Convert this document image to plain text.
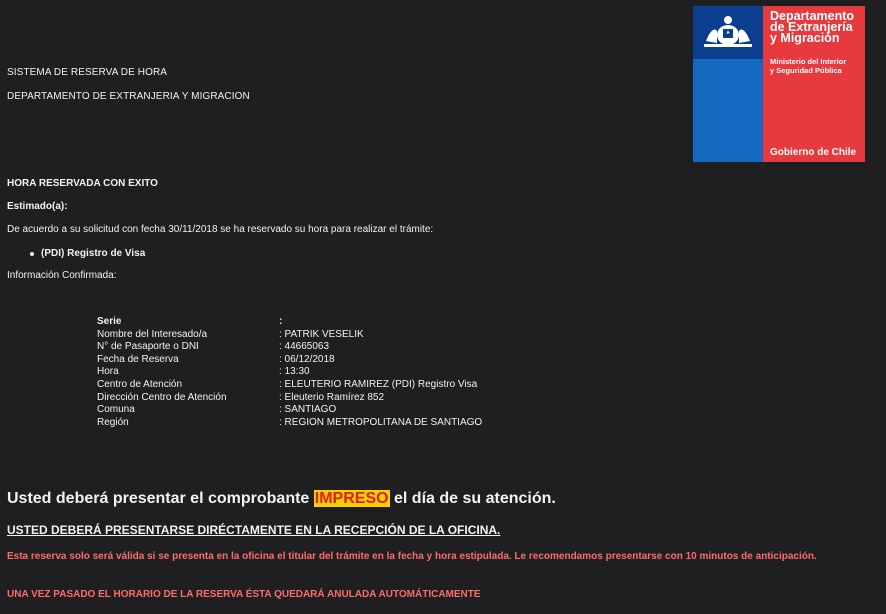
SISTEMA DE RESERVA DE HORA
DEPARTAMENTO DE EXTRANJERIA Y MIGRACION
Departamento
de Extranjería
y Migración
Ministerio del Interior
y Seguridad Pública
Gobierno de Chile
HORA RESERVADA CON EXITO
Estimado(a):
De acuerdo a su solicitud con fecha 30/11/2018 se ha reservado su hora para realizar el trámite:
(PDI) Registro de Visa
Información Confirmada:
Serie	:
Nombre del Interesado/a	: PATRIK VESELIK
N° de Pasaporte o DNI	: 44665063
Fecha de Reserva	: 06/12/2018
Hora	: 13:30
Centro de Atención	: ELEUTERIO RAMIREZ (PDI) Registro Visa
Dirección Centro de Atención	: Eleuterio Ramírez 852
Comuna	: SANTIAGO
Región	: REGION METROPOLITANA DE SANTIAGO
Usted deberá presentar el comprobante IMPRESO el día de su atención.
USTED DEBERÁ PRESENTARSE DIRÉCTAMENTE EN LA RECEPCIÓN DE LA OFICINA.
Esta reserva solo será válida si se presenta en la oficina el titular del trámite en la fecha y hora estipulada. Le recomendamos presentarse con 10 minutos de anticipación.
UNA VEZ PASADO EL HORARIO DE LA RESERVA ÉSTA QUEDARÁ ANULADA AUTOMÁTICAMENTE
